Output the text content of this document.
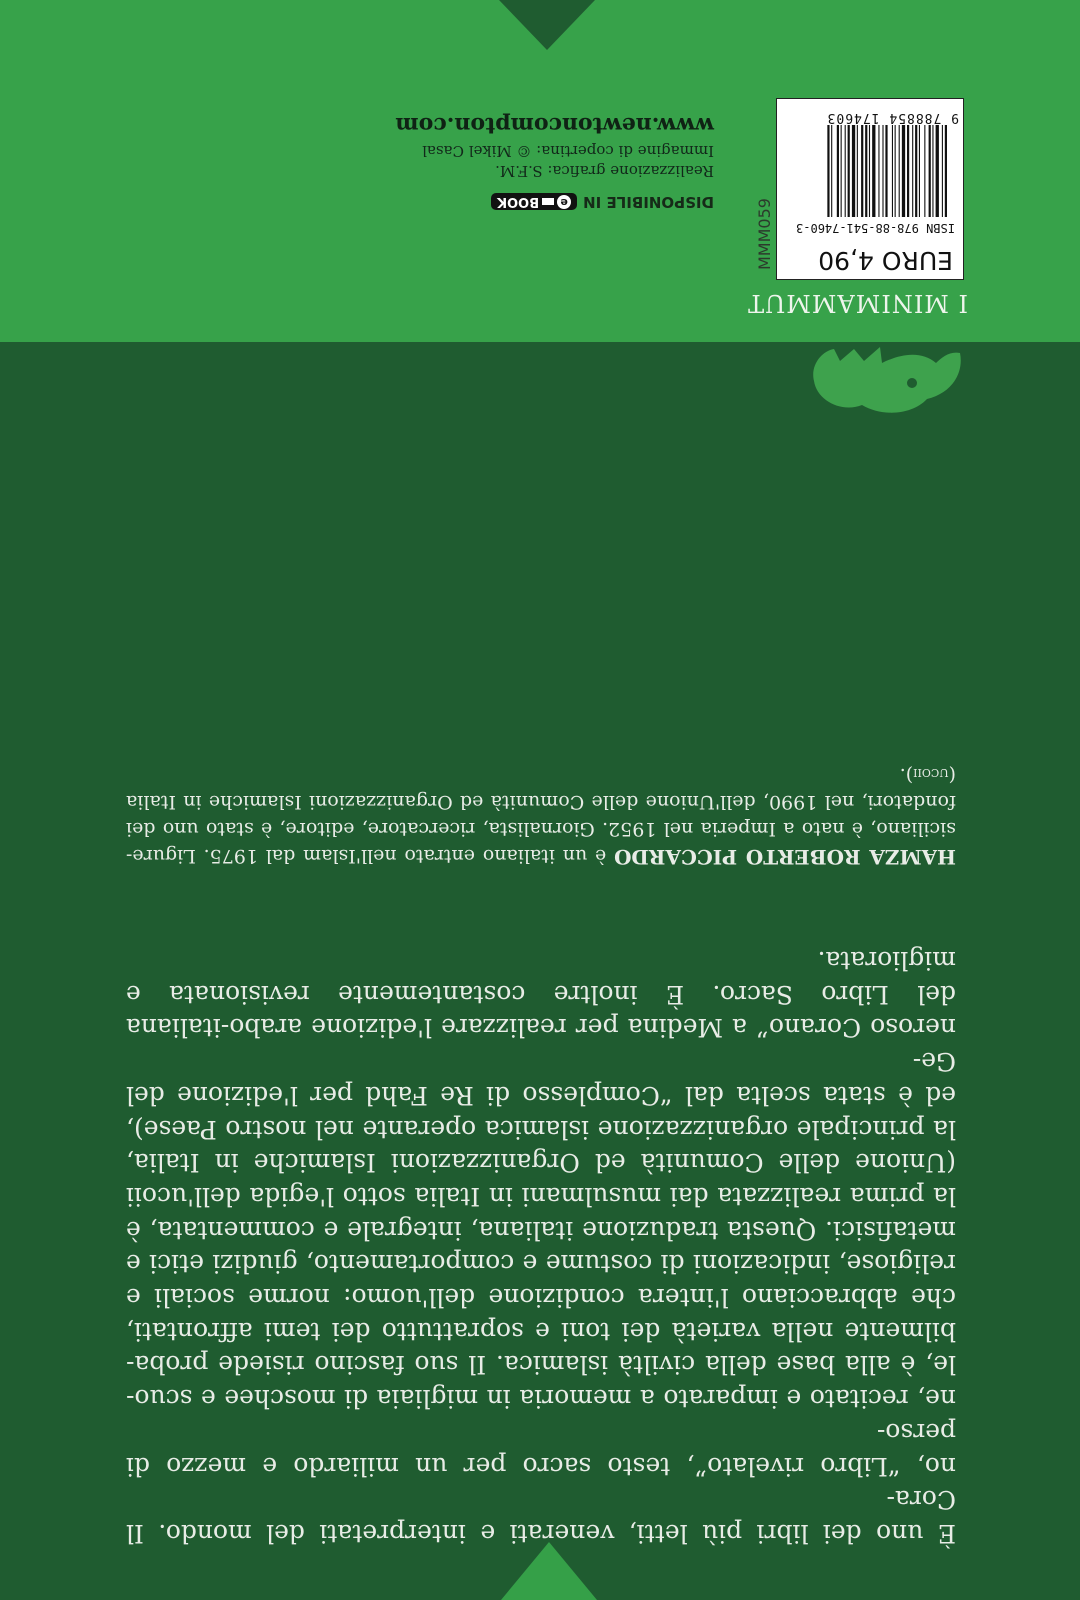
È uno dei libri più letti, venerati e interpretati del mondo. Il Cora-

no, “Libro rivelato”, testo sacro per un miliardo e mezzo di perso-

ne, recitato e imparato a memoria in migliaia di moschee e scuo-

le, è alla base della civiltà islamica. Il suo fascino risiede proba-

bilmente nella varietà dei toni e soprattutto dei temi affrontati,

che abbracciano l'intera condizione dell'uomo: norme sociali e

religiose, indicazioni di costume e comportamento, giudizi etici e

metafisici. Questa traduzione italiana, integrale e commentata, è

la prima realizzata dai musulmani in Italia sotto l'egida dell'ucoii

(Unione delle Comunità ed Organizzazioni Islamiche in Italia,

la principale organizzazione islamica operante nel nostro Paese),

ed è stata scelta dal “Complesso di Re Fahd per l'edizione del Ge-

neroso Corano” a Medina per realizzare l'edizione arabo-italiana

del Libro Sacro. È inoltre costantemente revisionata e migliorata.

HAMZA ROBERTO PICCARDO è un italiano entrato nell'Islam dal 1975. Ligure-siciliano, è nato a Imperia nel 1952. Giornalista, ricercatore, editore, è stato uno dei fondatori, nel 1990, dell'Unione delle Comunità ed Organizzazioni Islamiche in Italia (ucoii).
I MINIMAMMUT
EURO 4,90
ISBN 978-88-541-7460-3
9 788854 174603
MMM059
DISPONIBILE IN
e
BOOK
Realizzazione grafica: S.F.M.
Immagine di copertina: © Mikel Casal
www.newtoncompton.com
